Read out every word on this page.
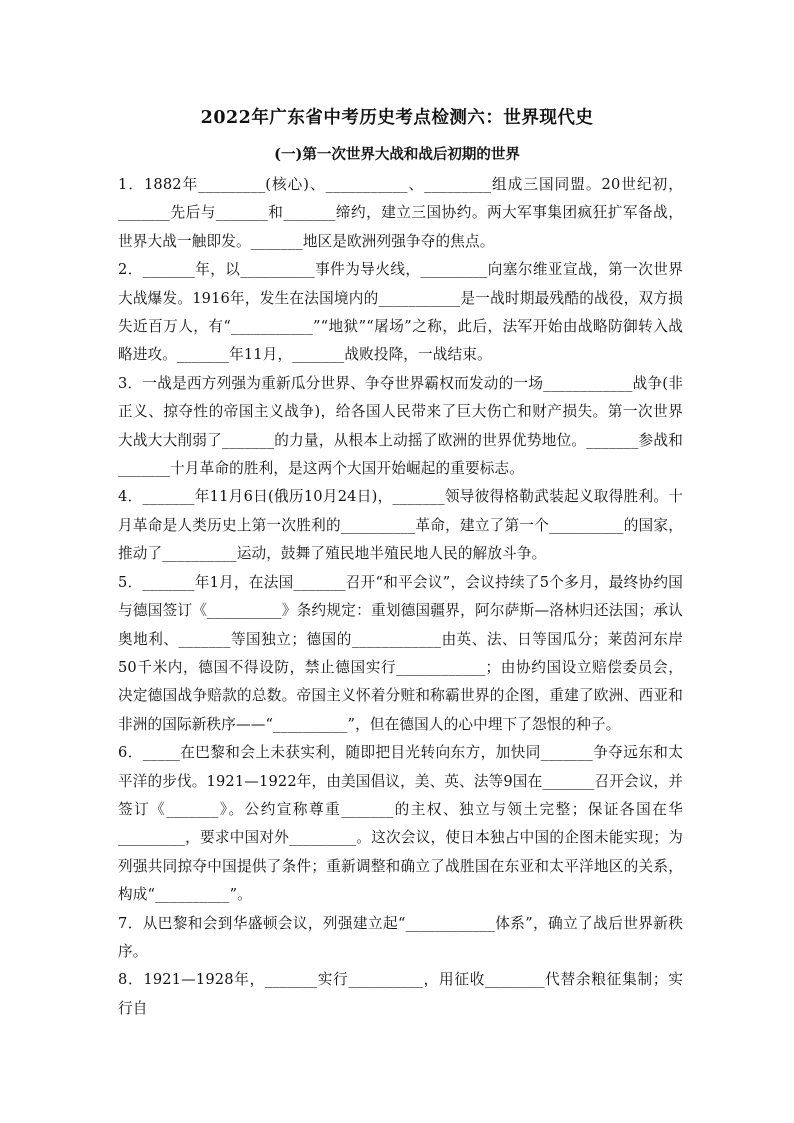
2022年广东省中考历史考点检测六：世界现代史
(一)第一次世界大战和战后初期的世界

1．1882年_________(核心)、___________、_________组成三国同盟。20世纪初，_______先后与_______和_______缔约，建立三国协约。两大军事集团疯狂扩军备战，世界大战一触即发。_______地区是欧洲列强争夺的焦点。

2．_______年，以__________事件为导火线，_________向塞尔维亚宣战，第一次世界大战爆发。1916年，发生在法国境内的___________是一战时期最残酷的战役，双方损失近百万人，有“___________”“地狱”“屠场”之称，此后，法军开始由战略防御转入战略进攻。_______年11月，_______战败投降，一战结束。

3．一战是西方列强为重新瓜分世界、争夺世界霸权而发动的一场____________战争(非正义、掠夺性的帝国主义战争)，给各国人民带来了巨大伤亡和财产损失。第一次世界大战大大削弱了_______的力量，从根本上动摇了欧洲的世界优势地位。_______参战和_______十月革命的胜利，是这两个大国开始崛起的重要标志。

4．_______年11月6日(俄历10月24日)，_______领导彼得格勒武装起义取得胜利。十月革命是人类历史上第一次胜利的__________革命，建立了第一个__________的国家，推动了__________运动，鼓舞了殖民地半殖民地人民的解放斗争。

5．_______年1月，在法国_______召开“和平会议”，会议持续了5个多月，最终协约国与德国签订《__________》条约规定：重划德国疆界，阿尔萨斯—洛林归还法国；承认奥地利、_______等国独立；德国的____________由英、法、日等国瓜分；莱茵河东岸50千米内，德国不得设防，禁止德国实行____________；由协约国设立赔偿委员会，决定德国战争赔款的总数。帝国主义怀着分赃和称霸世界的企图，重建了欧洲、西亚和非洲的国际新秩序——“__________”，但在德国人的心中埋下了怨恨的种子。

6．_____在巴黎和会上未获实利，随即把目光转向东方，加快同_______争夺远东和太平洋的步伐。1921—1922年，由美国倡议，美、英、法等9国在_______召开会议，并签订《_______》。公约宣称尊重_______的主权、独立与领土完整；保证各国在华_________，要求中国对外_________。这次会议，使日本独占中国的企图未能实现；为列强共同掠夺中国提供了条件；重新调整和确立了战胜国在东亚和太平洋地区的关系，构成“__________”。

7．从巴黎和会到华盛顿会议，列强建立起“____________体系”，确立了战后世界新秩序。

8．1921—1928年，_______实行__________，用征收________代替余粮征集制；实行自
